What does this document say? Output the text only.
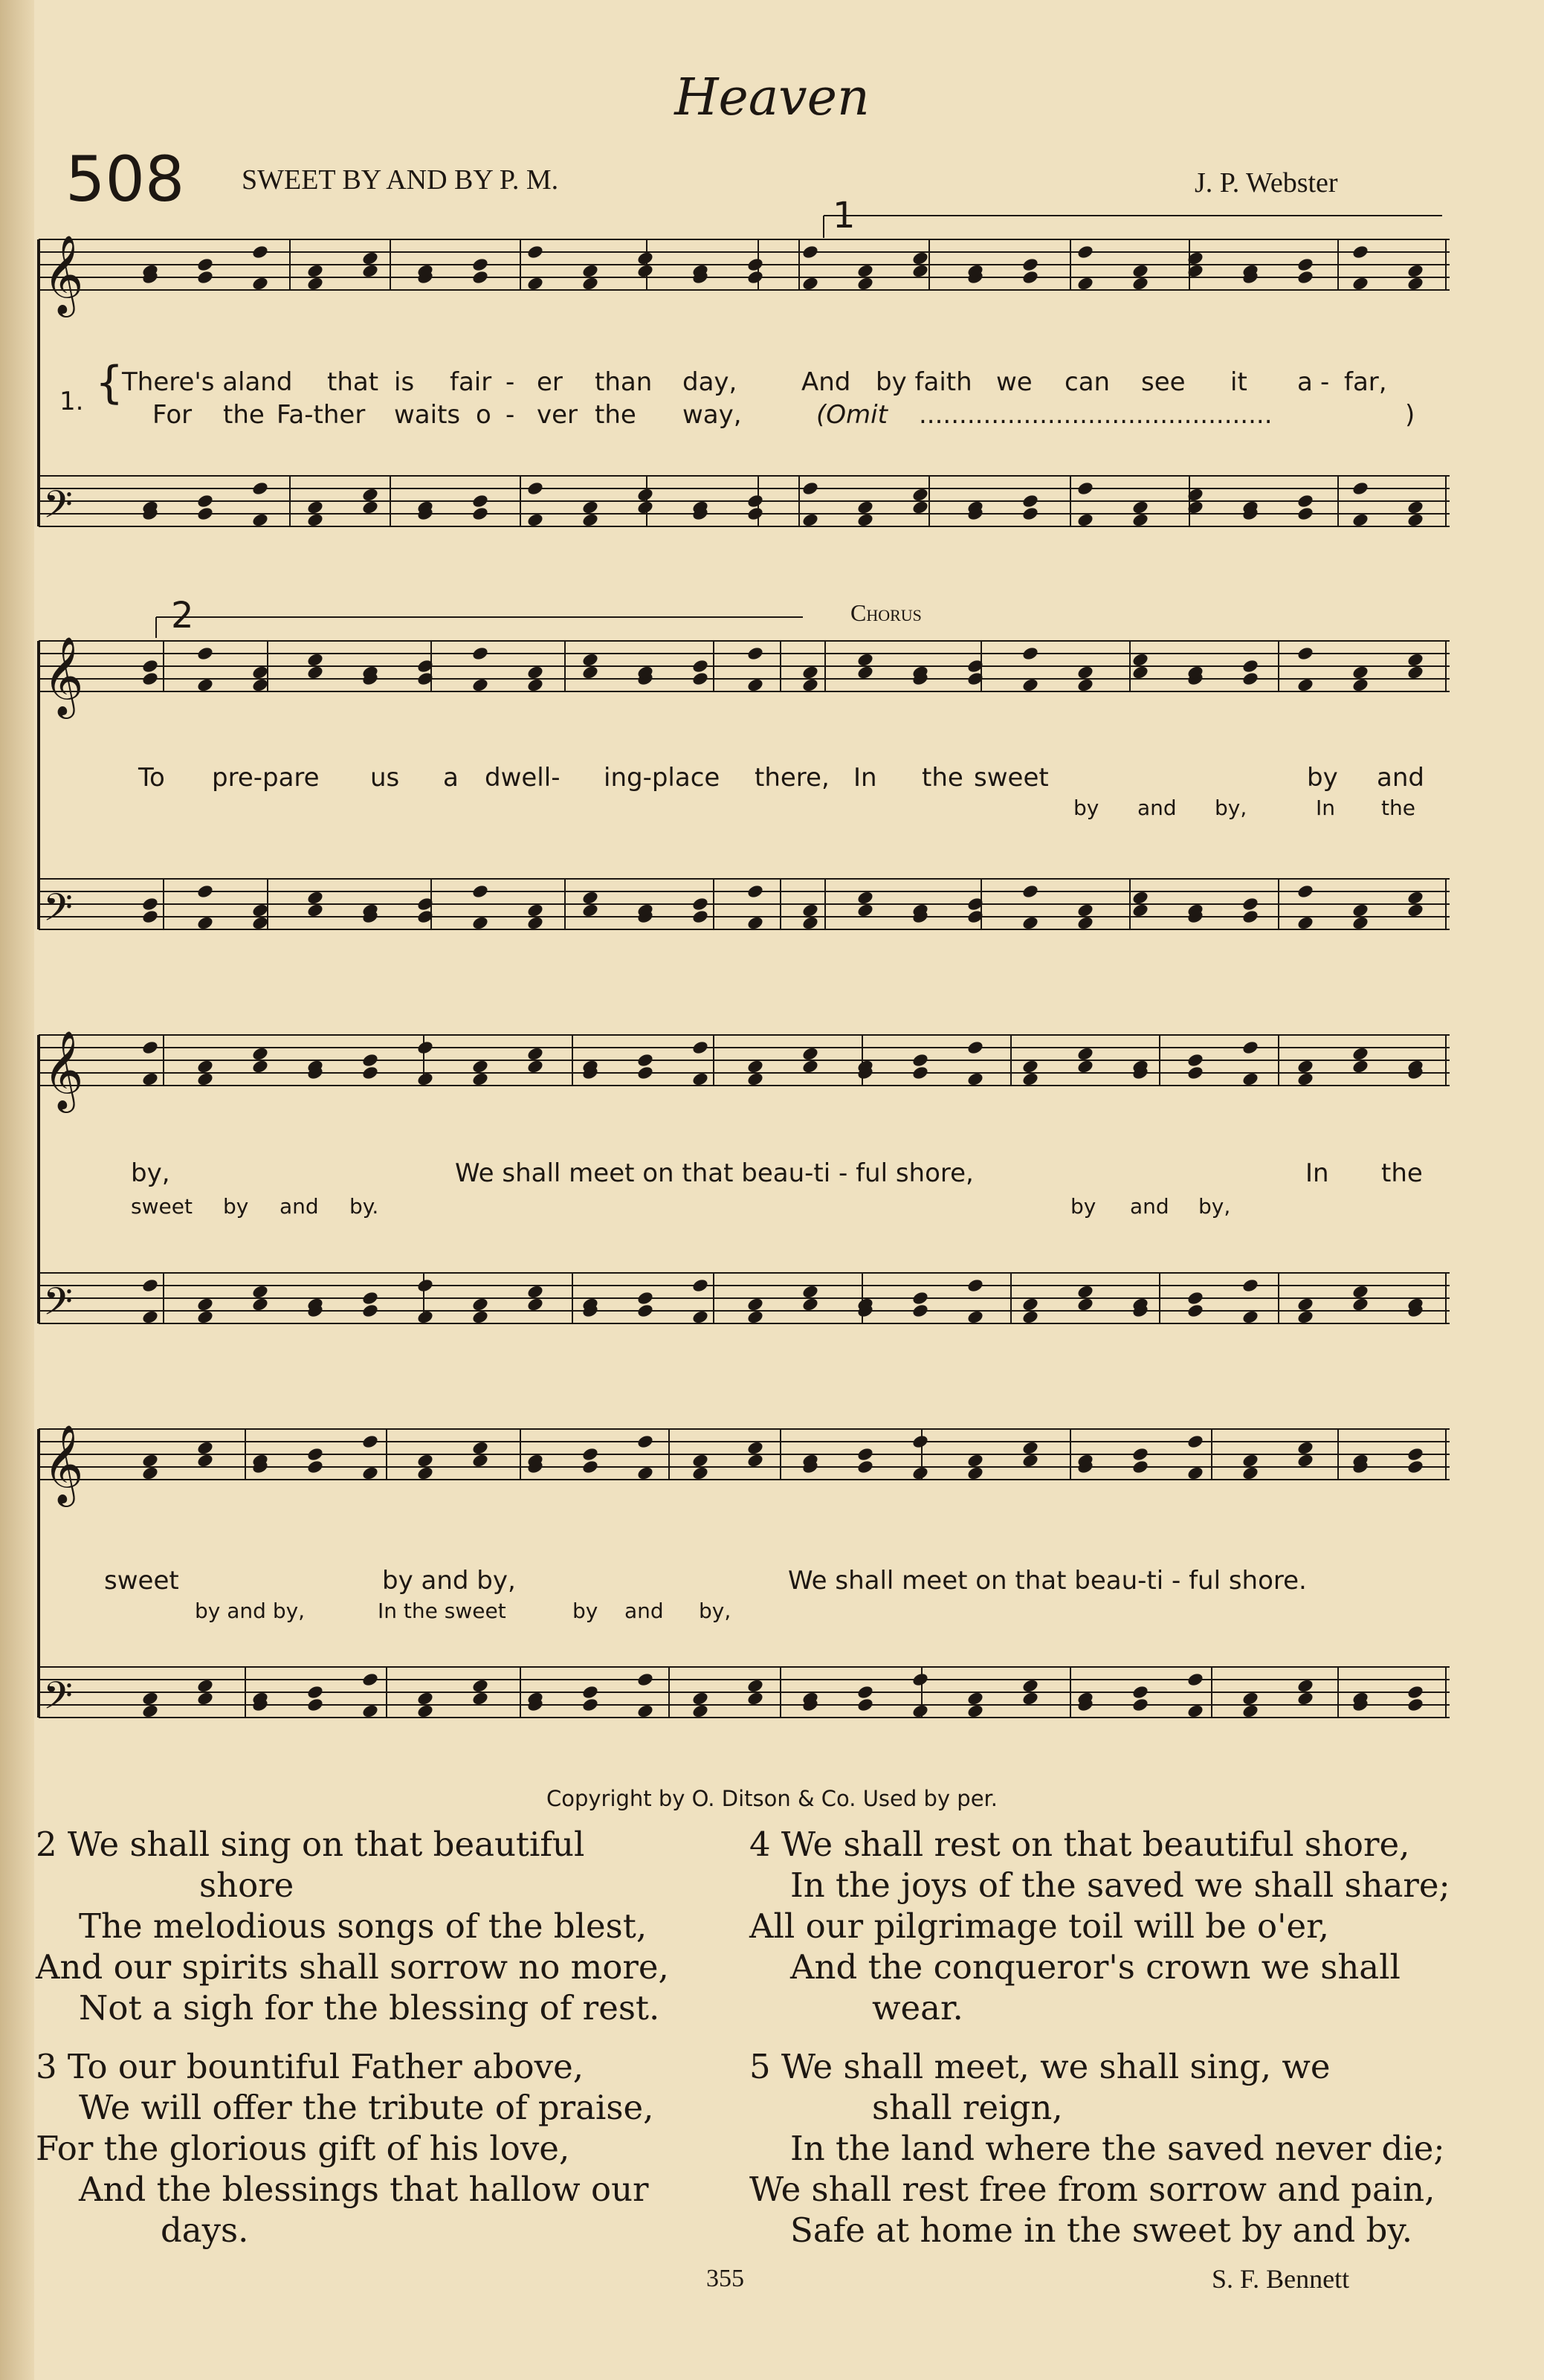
Heaven
508 SWEET BY AND BY P. M.	J. P. Webster
𝄞
𝄢
𝄞
𝄢
𝄞
𝄢
𝄞
𝄢
1. {
There's a land that is fair - er than day,	And by faith we can see it a - far,
For the Fa-ther waits o - ver the way,	(Omit ............................................	)
1
2	Chorus
To pre-pare us a dwell- ing-place there, In the sweet	by and
by and by,	In the
by,	We shall meet on that beau-ti - ful shore,	In the
sweet by and by.	by and by,
sweet	by and by,	We shall meet on that beau-ti - ful shore.
by and by,	In the sweet	by and by,
Copyright by O. Ditson & Co. Used by per.
2 We shall sing on that beautiful
shore
The melodious songs of the blest,
And our spirits shall sorrow no more,
Not a sigh for the blessing of rest.
3 To our bountiful Father above,
We will offer the tribute of praise,
For the glorious gift of his love,
And the blessings that hallow our
days.
4 We shall rest on that beautiful shore,
In the joys of the saved we shall share;
All our pilgrimage toil will be o'er,
And the conqueror's crown we shall
wear.
5 We shall meet, we shall sing, we
shall reign,
In the land where the saved never die;
We shall rest free from sorrow and pain,
Safe at home in the sweet by and by.
355	S. F. Bennett
